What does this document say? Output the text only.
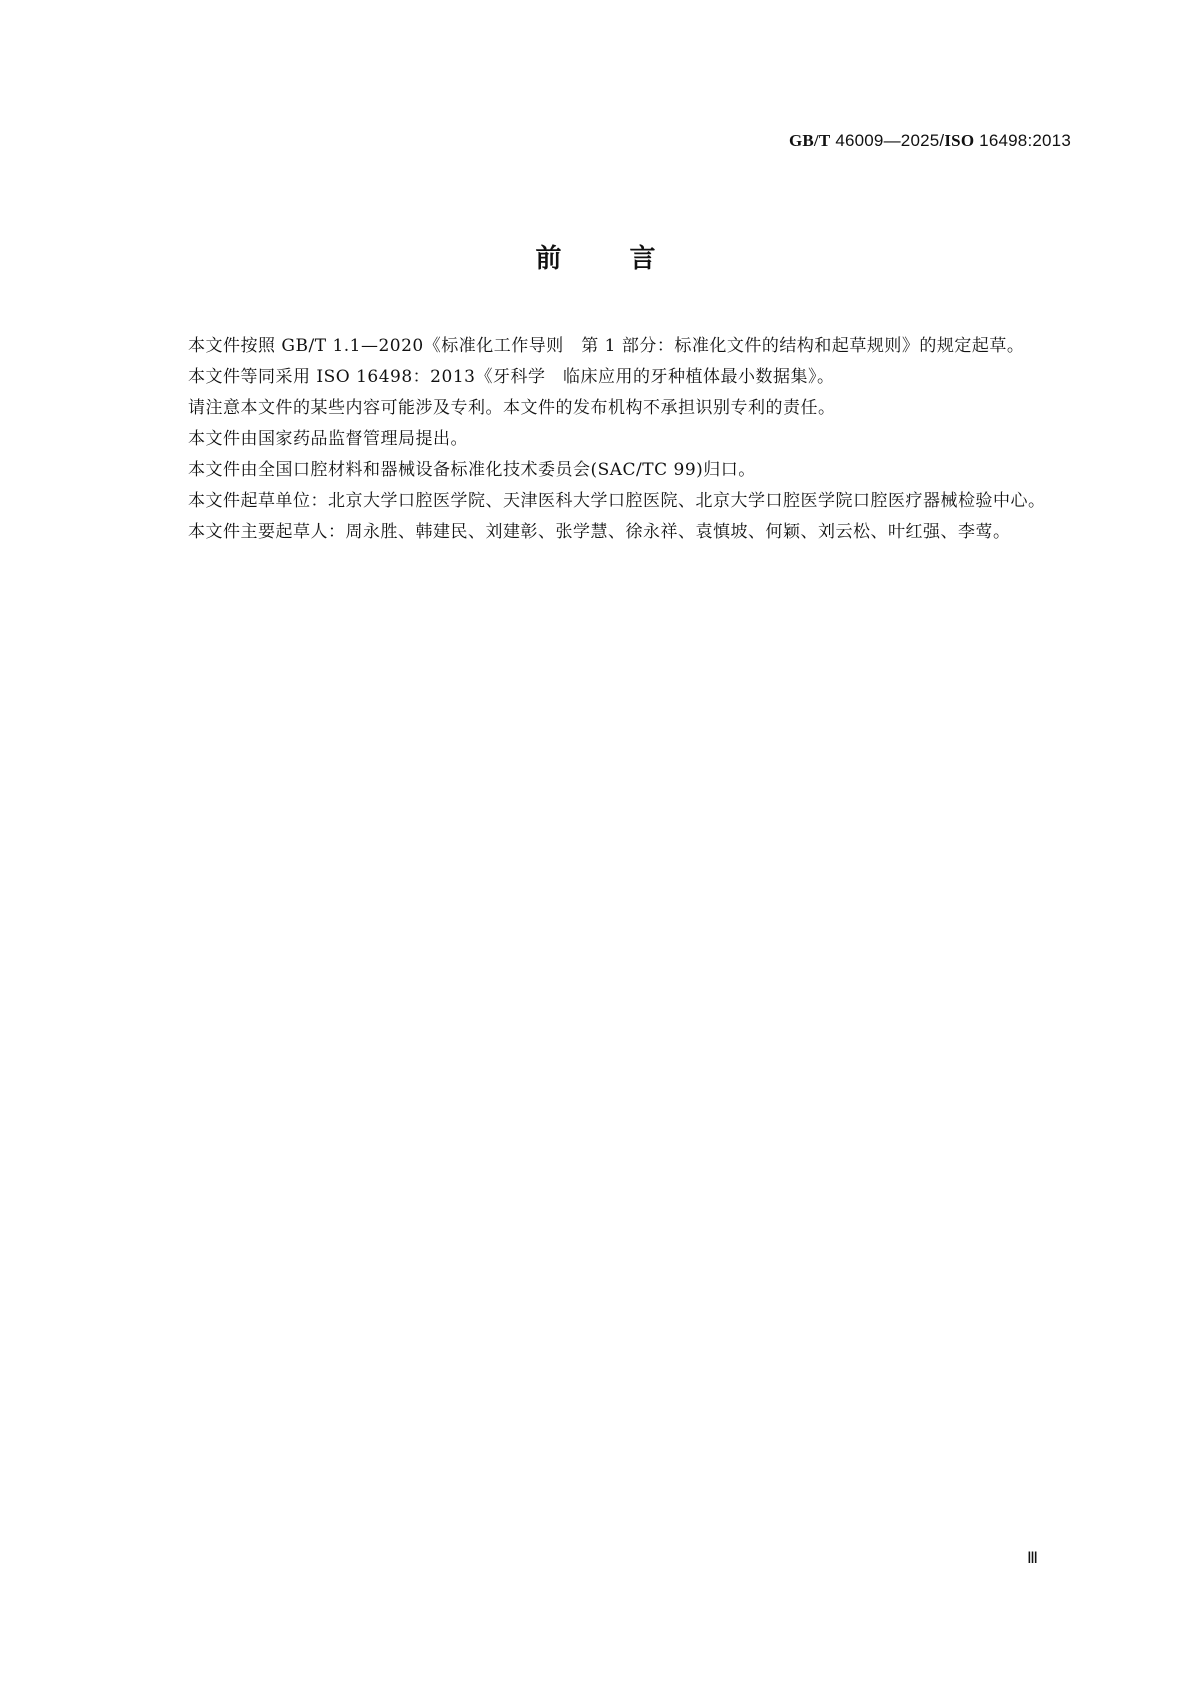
GB/T 46009—2025/ISO 16498:2013
前	言

本文件按照 GB/T 1.1—2020《标准化工作导则　第 1 部分：标准化文件的结构和起草规则》的规定起草。

本文件等同采用 ISO 16498：2013《牙科学　临床应用的牙种植体最小数据集》。

请注意本文件的某些内容可能涉及专利。本文件的发布机构不承担识别专利的责任。

本文件由国家药品监督管理局提出。

本文件由全国口腔材料和器械设备标准化技术委员会(SAC/TC 99)归口。

本文件起草单位：北京大学口腔医学院、天津医科大学口腔医院、北京大学口腔医学院口腔医疗器械检验中心。

本文件主要起草人：周永胜、韩建民、刘建彰、张学慧、徐永祥、袁慎坡、何颖、刘云松、叶红强、李莺。

Ⅲ
